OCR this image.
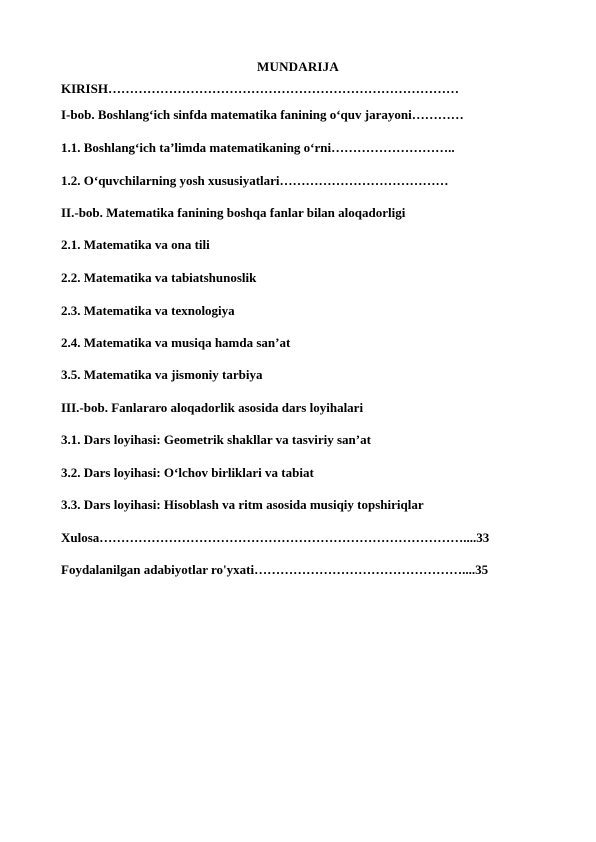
MUNDARIJA
KIRISH………………………………………………………………………
I-bob. Boshlang‘ich sinfda matematika fanining o‘quv jarayoni…………
1.1. Boshlang‘ich ta’limda matematikaning o‘rni………………………..
1.2. O‘quvchilarning yosh xususiyatlari…………………………………
II.-bob. Matematika fanining boshqa fanlar bilan aloqadorligi
2.1. Matematika va ona tili
2.2. Matematika va tabiatshunoslik
2.3. Matematika va texnologiya
2.4. Matematika va musiqa hamda san’at
3.5. Matematika va jismoniy tarbiya
III.-bob. Fanlararo aloqadorlik asosida dars loyihalari
3.1. Dars loyihasi: Geometrik shakllar va tasviriy san’at
3.2. Dars loyihasi: O‘lchov birliklari va tabiat
3.3. Dars loyihasi: Hisoblash va ritm asosida musiqiy topshiriqlar
Xulosa…………………………………………………………………………....33
Foydalanilgan adabiyotlar ro'yxati…………………………………………....35
